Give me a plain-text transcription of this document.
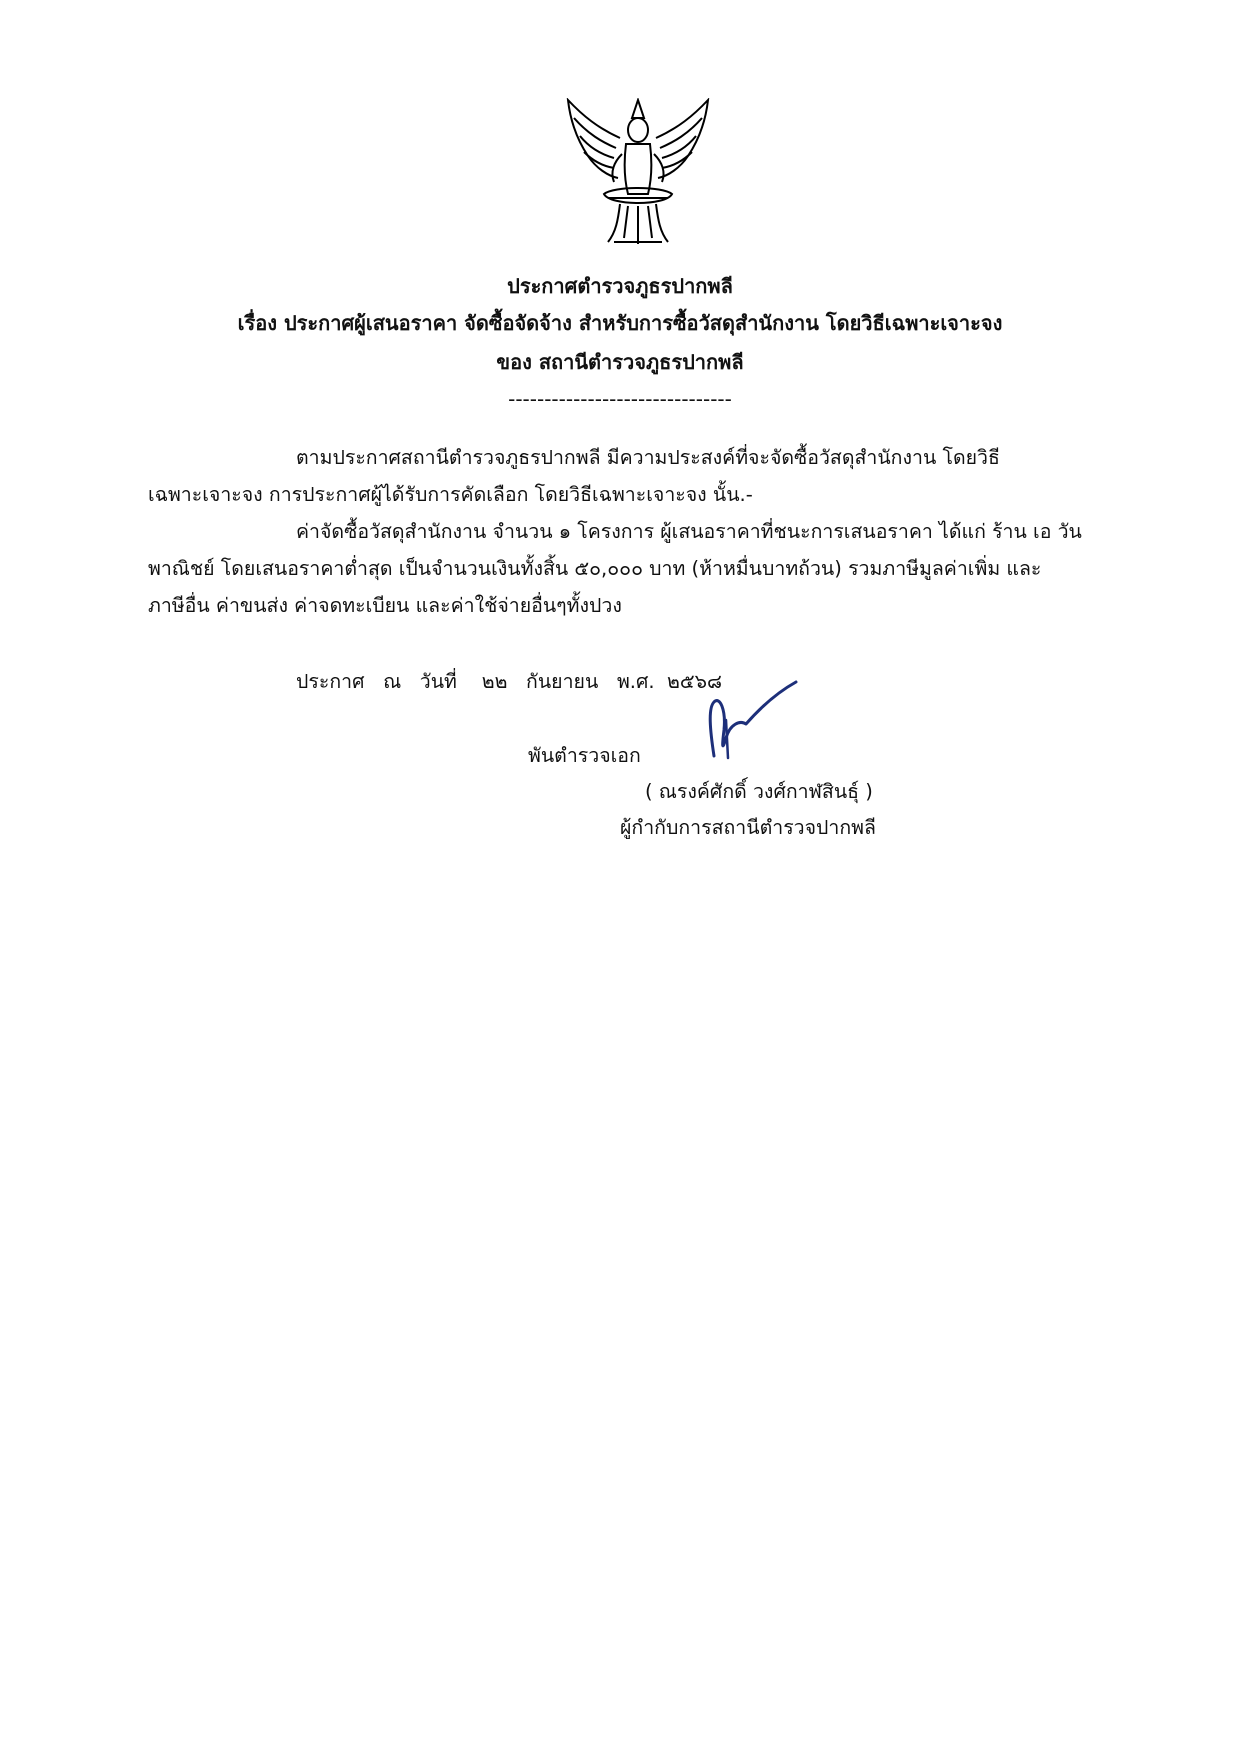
ประกาศตำรวจภูธรปากพลี
เรื่อง ประกาศผู้เสนอราคา จัดซื้อจัดจ้าง สำหรับการซื้อวัสดุสำนักงาน โดยวิธีเฉพาะเจาะจง
ของ สถานีตำรวจภูธรปากพลี
-------------------------------
ตามประกาศสถานีตำรวจภูธรปากพลี มีความประสงค์ที่จะจัดซื้อวัสดุสำนักงาน โดยวิธี
เฉพาะเจาะจง การประกาศผู้ได้รับการคัดเลือก โดยวิธีเฉพาะเจาะจง นั้น.-
ค่าจัดซื้อวัสดุสำนักงาน จำนวน ๑ โครงการ ผู้เสนอราคาที่ชนะการเสนอราคา ได้แก่ ร้าน เอ วัน
พาณิชย์ โดยเสนอราคาต่ำสุด เป็นจำนวนเงินทั้งสิ้น ๕๐,๐๐๐ บาท (ห้าหมื่นบาทถ้วน) รวมภาษีมูลค่าเพิ่ม และ
ภาษีอื่น ค่าขนส่ง ค่าจดทะเบียน และค่าใช้จ่ายอื่นๆทั้งปวง
ประกาศ ณ วันที่ ๒๒ กันยายน พ.ศ. ๒๕๖๘
พันตำรวจเอก
( ณรงค์ศักดิ์ วงศ์กาฬสินธุ์ )
ผู้กำกับการสถานีตำรวจปากพลี
